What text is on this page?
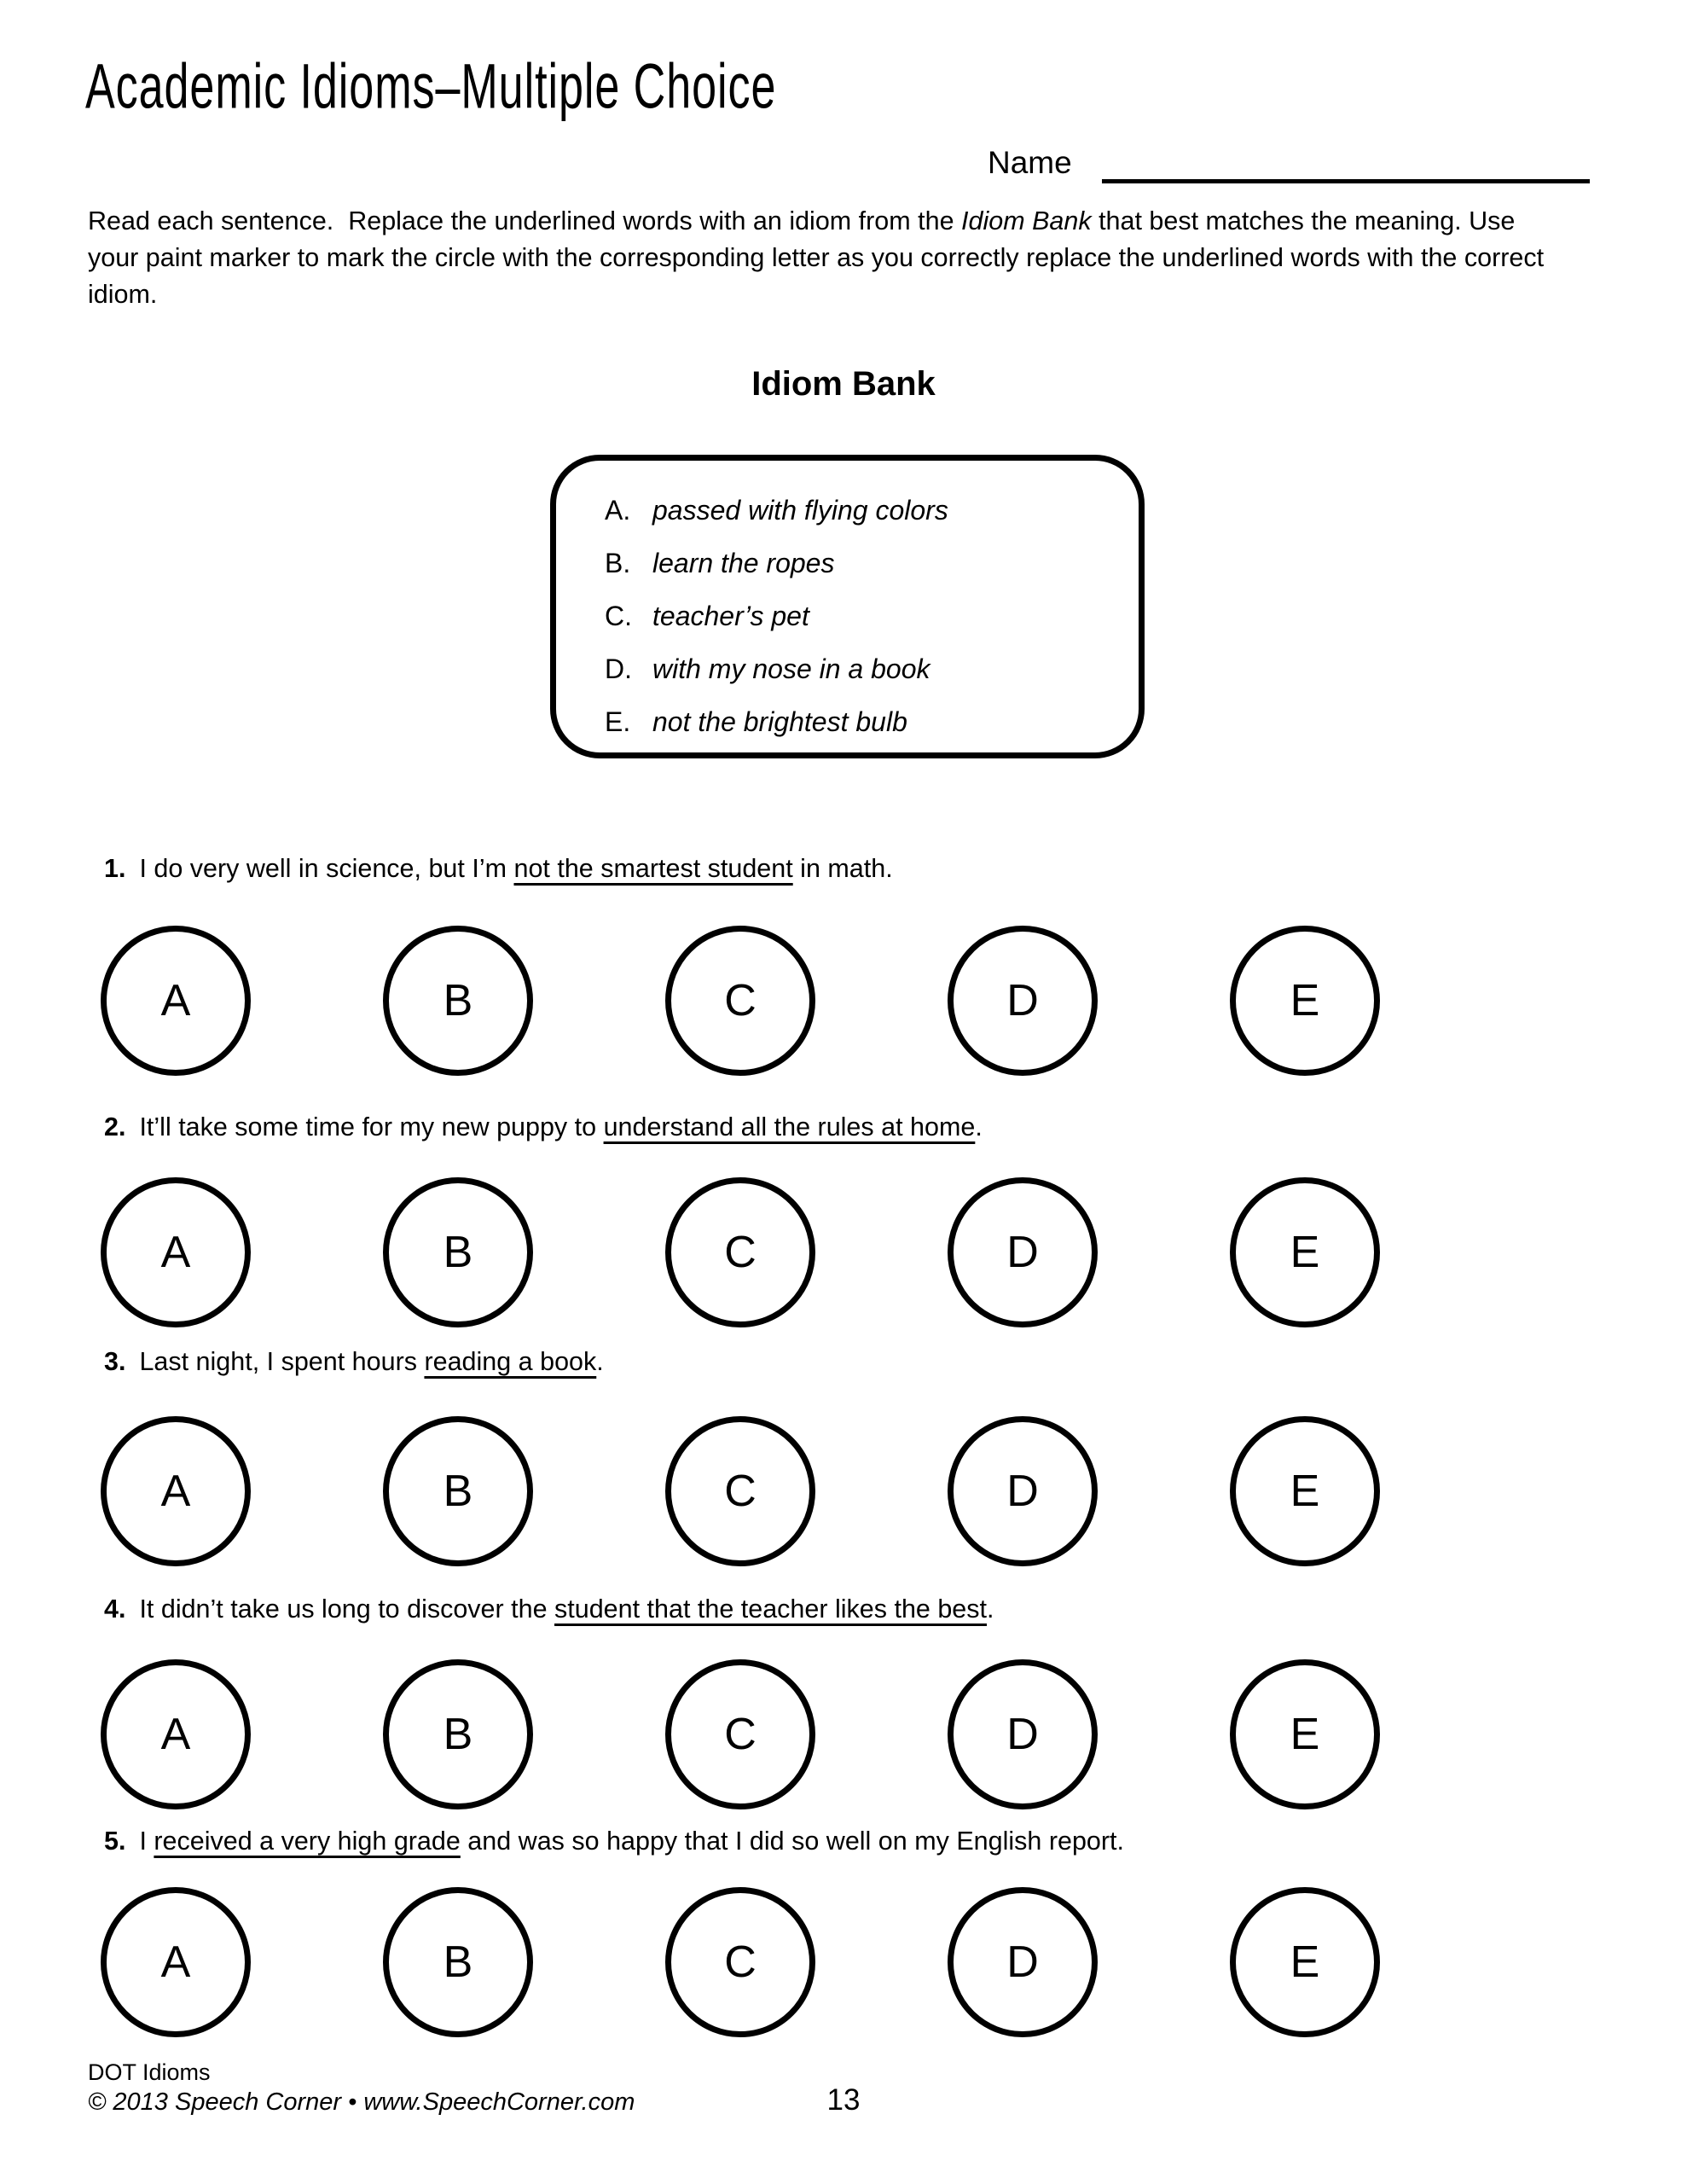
Academic Idioms–Multiple Choice
Name

Read each sentence.  Replace the underlined words with an idiom from the Idiom Bank that best matches the meaning. Use your paint marker to mark the circle with the corresponding letter as you correctly replace the underlined words with the correct idiom.

Idiom Bank
A. passed with flying colors
B. learn the ropes
C. teacher’s pet
D. with my nose in a book
E. not the brightest bulb
1. I do very well in science, but I’m not the smartest student in math.
A	B	C	D	E
2. It’ll take some time for my new puppy to understand all the rules at home.
A	B	C	D	E
3. Last night, I spent hours reading a book.
A	B	C	D	E
4. It didn’t take us long to discover the student that the teacher likes the best.
A	B	C	D	E
5. I received a very high grade and was so happy that I did so well on my English report.
A	B	C	D	E
DOT Idioms
© 2013 Speech Corner • www.SpeechCorner.com	13
